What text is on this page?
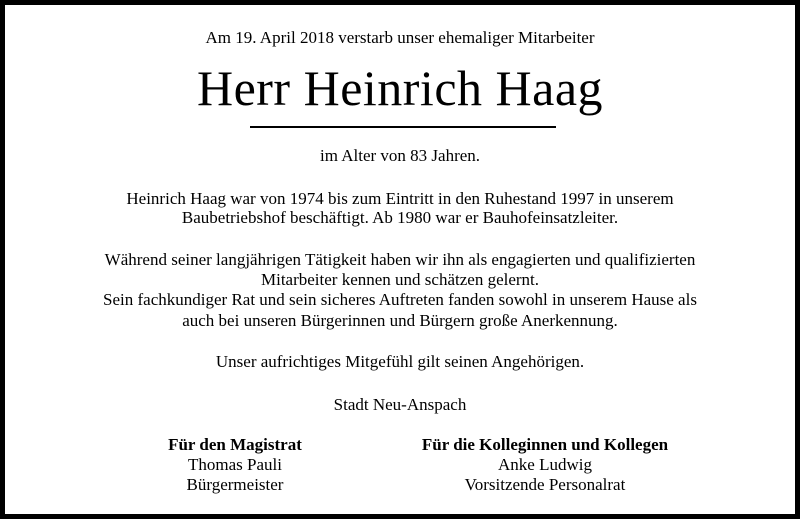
Am 19. April 2018 verstarb unser ehemaliger Mitarbeiter
Herr Heinrich Haag
im Alter von 83 Jahren.
Heinrich Haag war von 1974 bis zum Eintritt in den Ruhestand 1997 in unserem
Baubetriebshof beschäftigt. Ab 1980 war er Bauhofeinsatzleiter.
Während seiner langjährigen Tätigkeit haben wir ihn als engagierten und qualifizierten
Mitarbeiter kennen und schätzen gelernt.
Sein fachkundiger Rat und sein sicheres Auftreten fanden sowohl in unserem Hause als
auch bei unseren Bürgerinnen und Bürgern große Anerkennung.
Unser aufrichtiges Mitgefühl gilt seinen Angehörigen.
Stadt Neu-Anspach
Für den Magistrat
Thomas Pauli
Bürgermeister
Für die Kolleginnen und Kollegen
Anke Ludwig
Vorsitzende Personalrat
